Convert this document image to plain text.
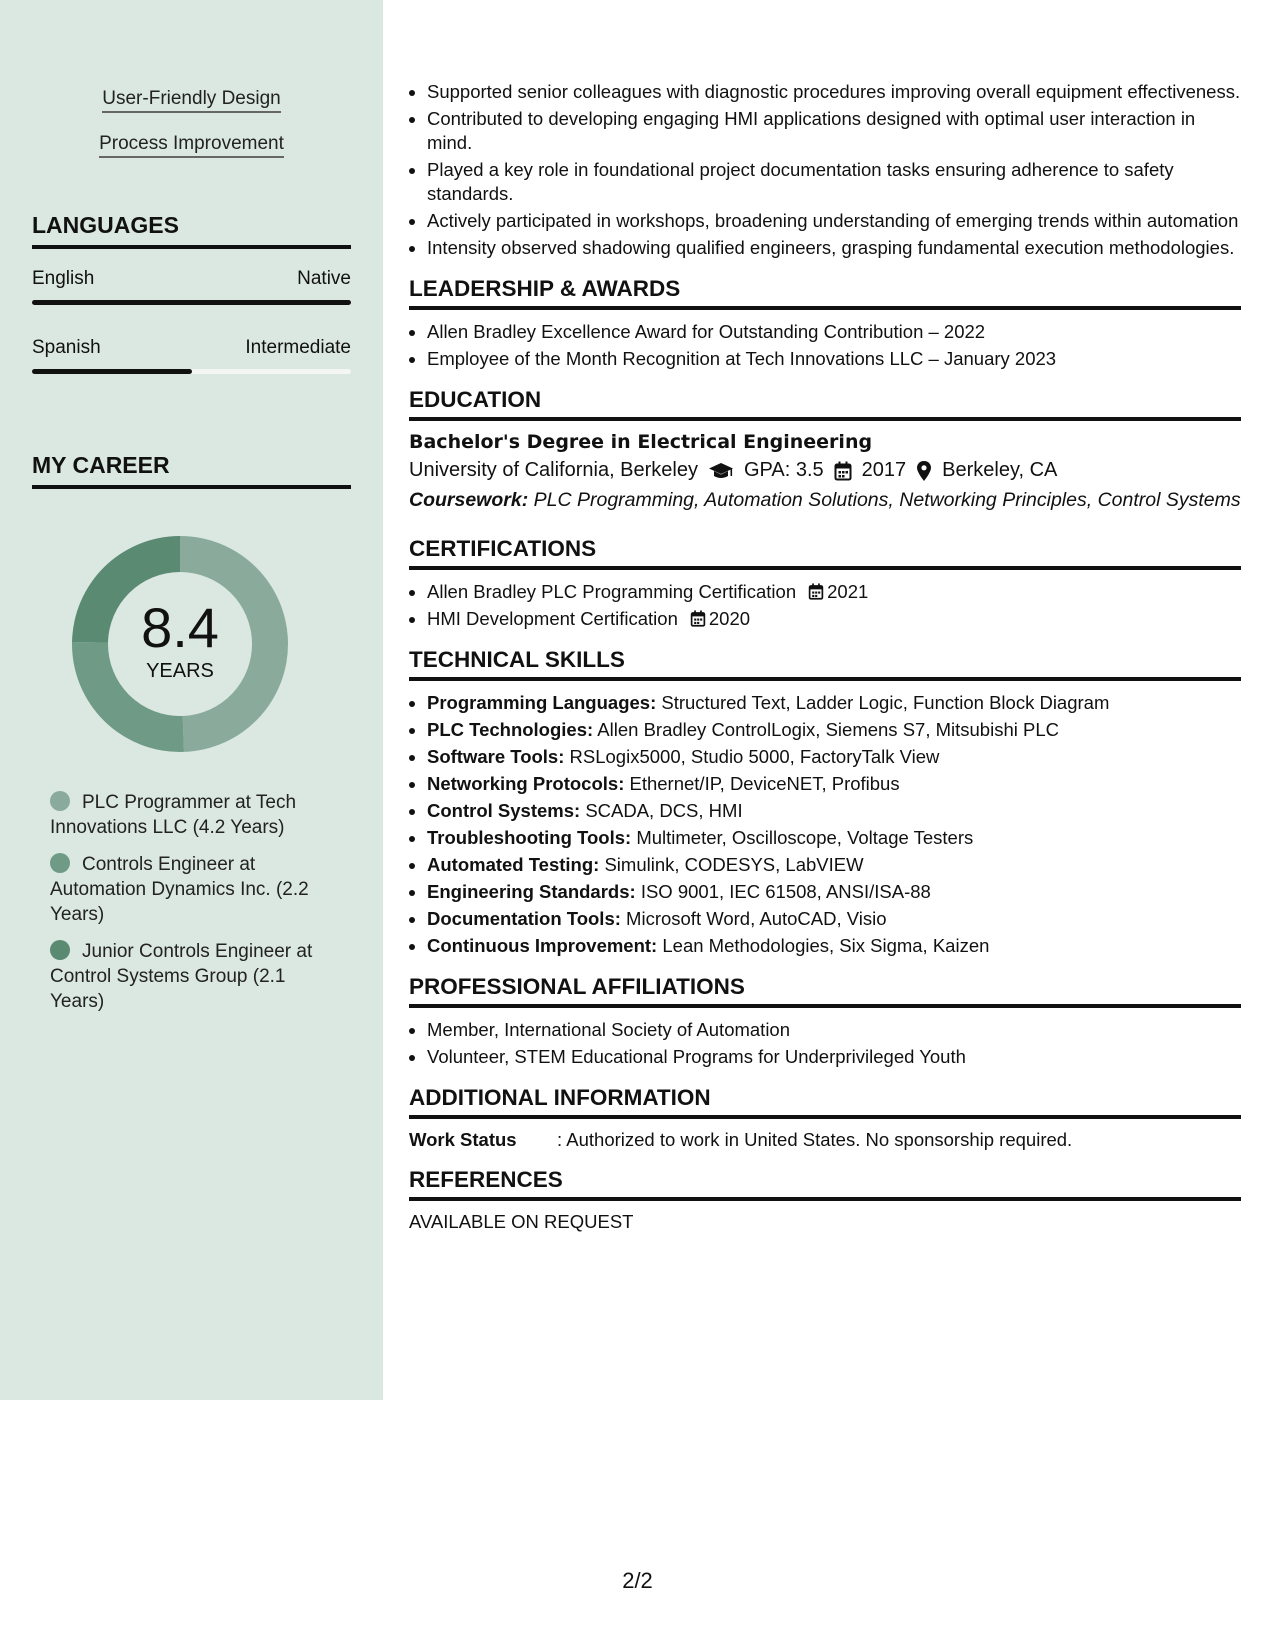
User-Friendly Design
Process Improvement
LANGUAGES
English	Native
Spanish	Intermediate
MY CAREER
8.4
YEARS
PLC Programmer at Tech Innovations LLC (4.2 Years)
Controls Engineer at Automation Dynamics Inc. (2.2 Years)
Junior Controls Engineer at Control Systems Group (2.1 Years)
• Supported senior colleagues with diagnostic procedures improving overall equipment effectiveness.
• Contributed to developing engaging HMI applications designed with optimal user interaction in mind.
• Played a key role in foundational project documentation tasks ensuring adherence to safety standards.
• Actively participated in workshops, broadening understanding of emerging trends within automation
• Intensity observed shadowing qualified engineers, grasping fundamental execution methodologies.
LEADERSHIP & AWARDS
• Allen Bradley Excellence Award for Outstanding Contribution – 2022
• Employee of the Month Recognition at Tech Innovations LLC – January 2023
EDUCATION
Bachelor's Degree in Electrical Engineering
University of California, Berkeley GPA: 3.5 2017 Berkeley, CA
Coursework: PLC Programming, Automation Solutions, Networking Principles, Control Systems
CERTIFICATIONS
• Allen Bradley PLC Programming Certification 2021
• HMI Development Certification 2020
TECHNICAL SKILLS
• Programming Languages: Structured Text, Ladder Logic, Function Block Diagram
• PLC Technologies: Allen Bradley ControlLogix, Siemens S7, Mitsubishi PLC
• Software Tools: RSLogix5000, Studio 5000, FactoryTalk View
• Networking Protocols: Ethernet/IP, DeviceNET, Profibus
• Control Systems: SCADA, DCS, HMI
• Troubleshooting Tools: Multimeter, Oscilloscope, Voltage Testers
• Automated Testing: Simulink, CODESYS, LabVIEW
• Engineering Standards: ISO 9001, IEC 61508, ANSI/ISA-88
• Documentation Tools: Microsoft Word, AutoCAD, Visio
• Continuous Improvement: Lean Methodologies, Six Sigma, Kaizen
PROFESSIONAL AFFILIATIONS
• Member, International Society of Automation
• Volunteer, STEM Educational Programs for Underprivileged Youth
ADDITIONAL INFORMATION
Work Status	: Authorized to work in United States. No sponsorship required.
REFERENCES
AVAILABLE ON REQUEST
2/2
